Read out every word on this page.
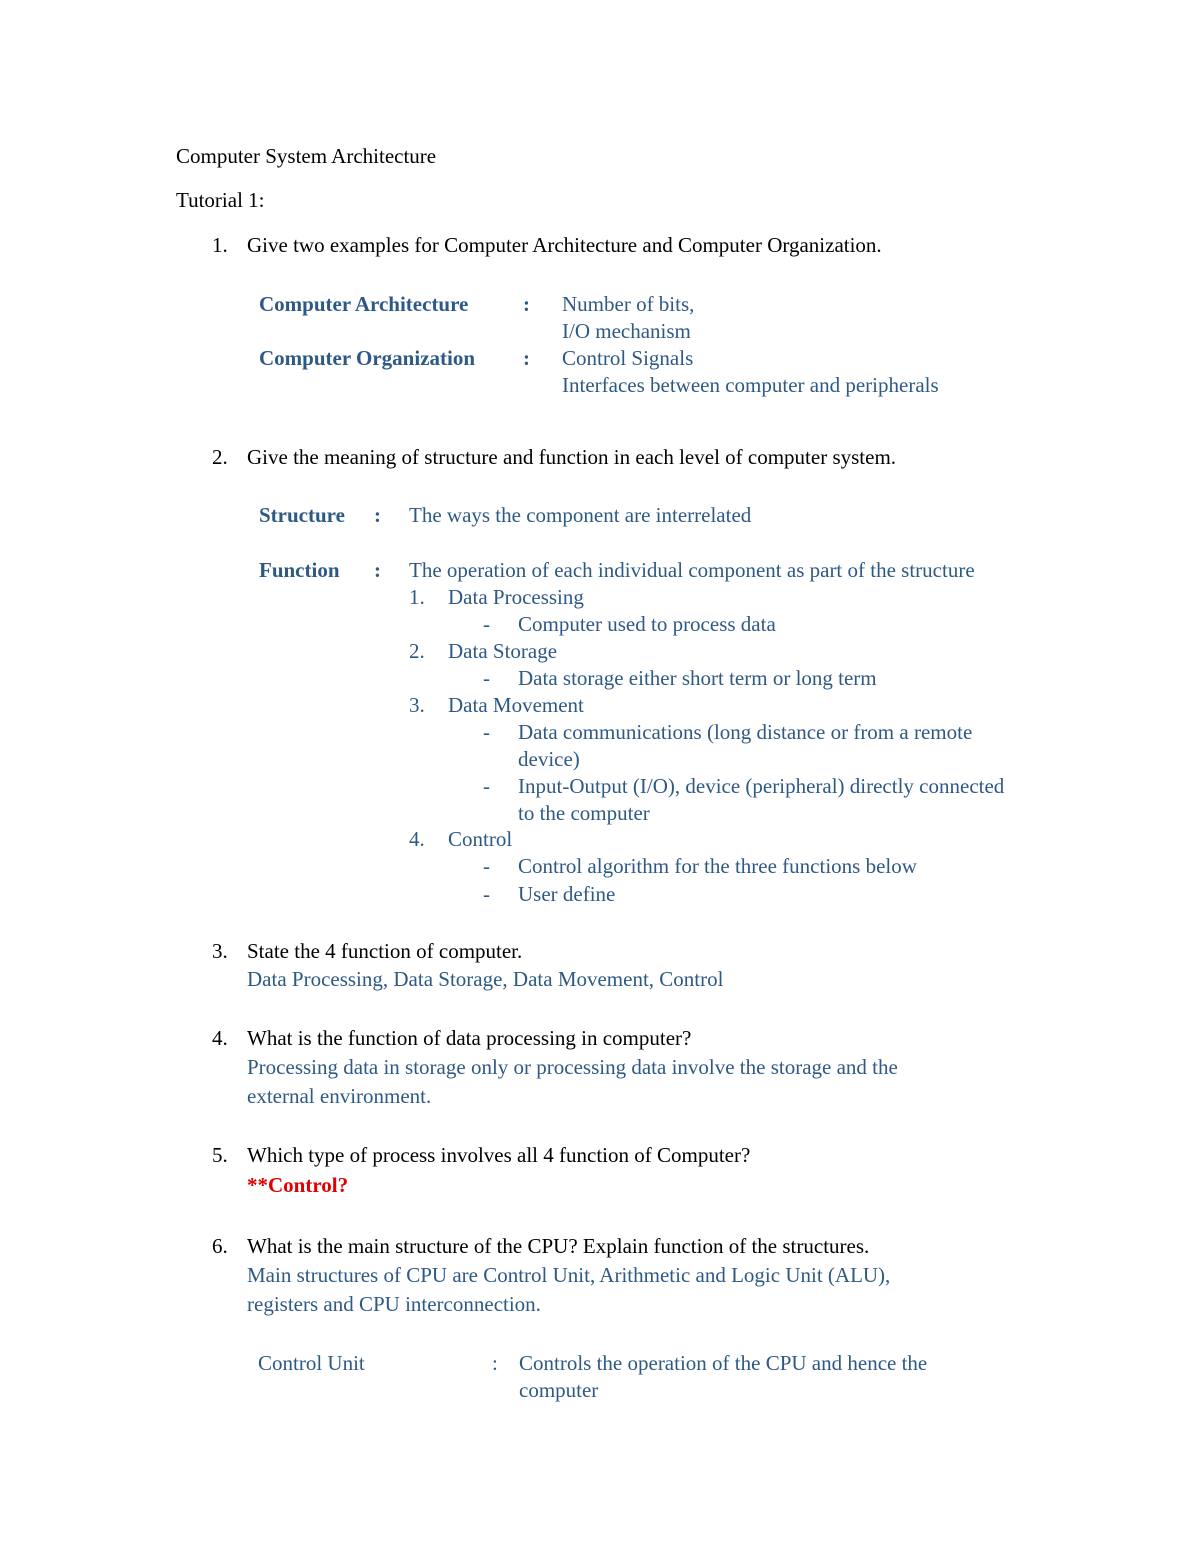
Computer System Architecture
Tutorial 1:
1. Give two examples for Computer Architecture and Computer Organization.
Computer Architecture	: Number of bits,
I/O mechanism
Computer Organization : Control Signals
Interfaces between computer and peripherals
2. Give the meaning of structure and function in each level of computer system.
Structure : The ways the component are interrelated
Function : The operation of each individual component as part of the structure
1. Data Processing
- Computer used to process data
2. Data Storage
- Data storage either short term or long term
3. Data Movement
- Data communications (long distance or from a remote
device)
- Input-Output (I/O), device (peripheral) directly connected
to the computer
4. Control
- Control algorithm for the three functions below
- User define
3. State the 4 function of computer.
Data Processing, Data Storage, Data Movement, Control
4. What is the function of data processing in computer?
Processing data in storage only or processing data involve the storage and the
external environment.
5. Which type of process involves all 4 function of Computer?
**Control?
6. What is the main structure of the CPU? Explain function of the structures.
Main structures of CPU are Control Unit, Arithmetic and Logic Unit (ALU),
registers and CPU interconnection.
Control Unit	: Controls the operation of the CPU and hence the
computer
